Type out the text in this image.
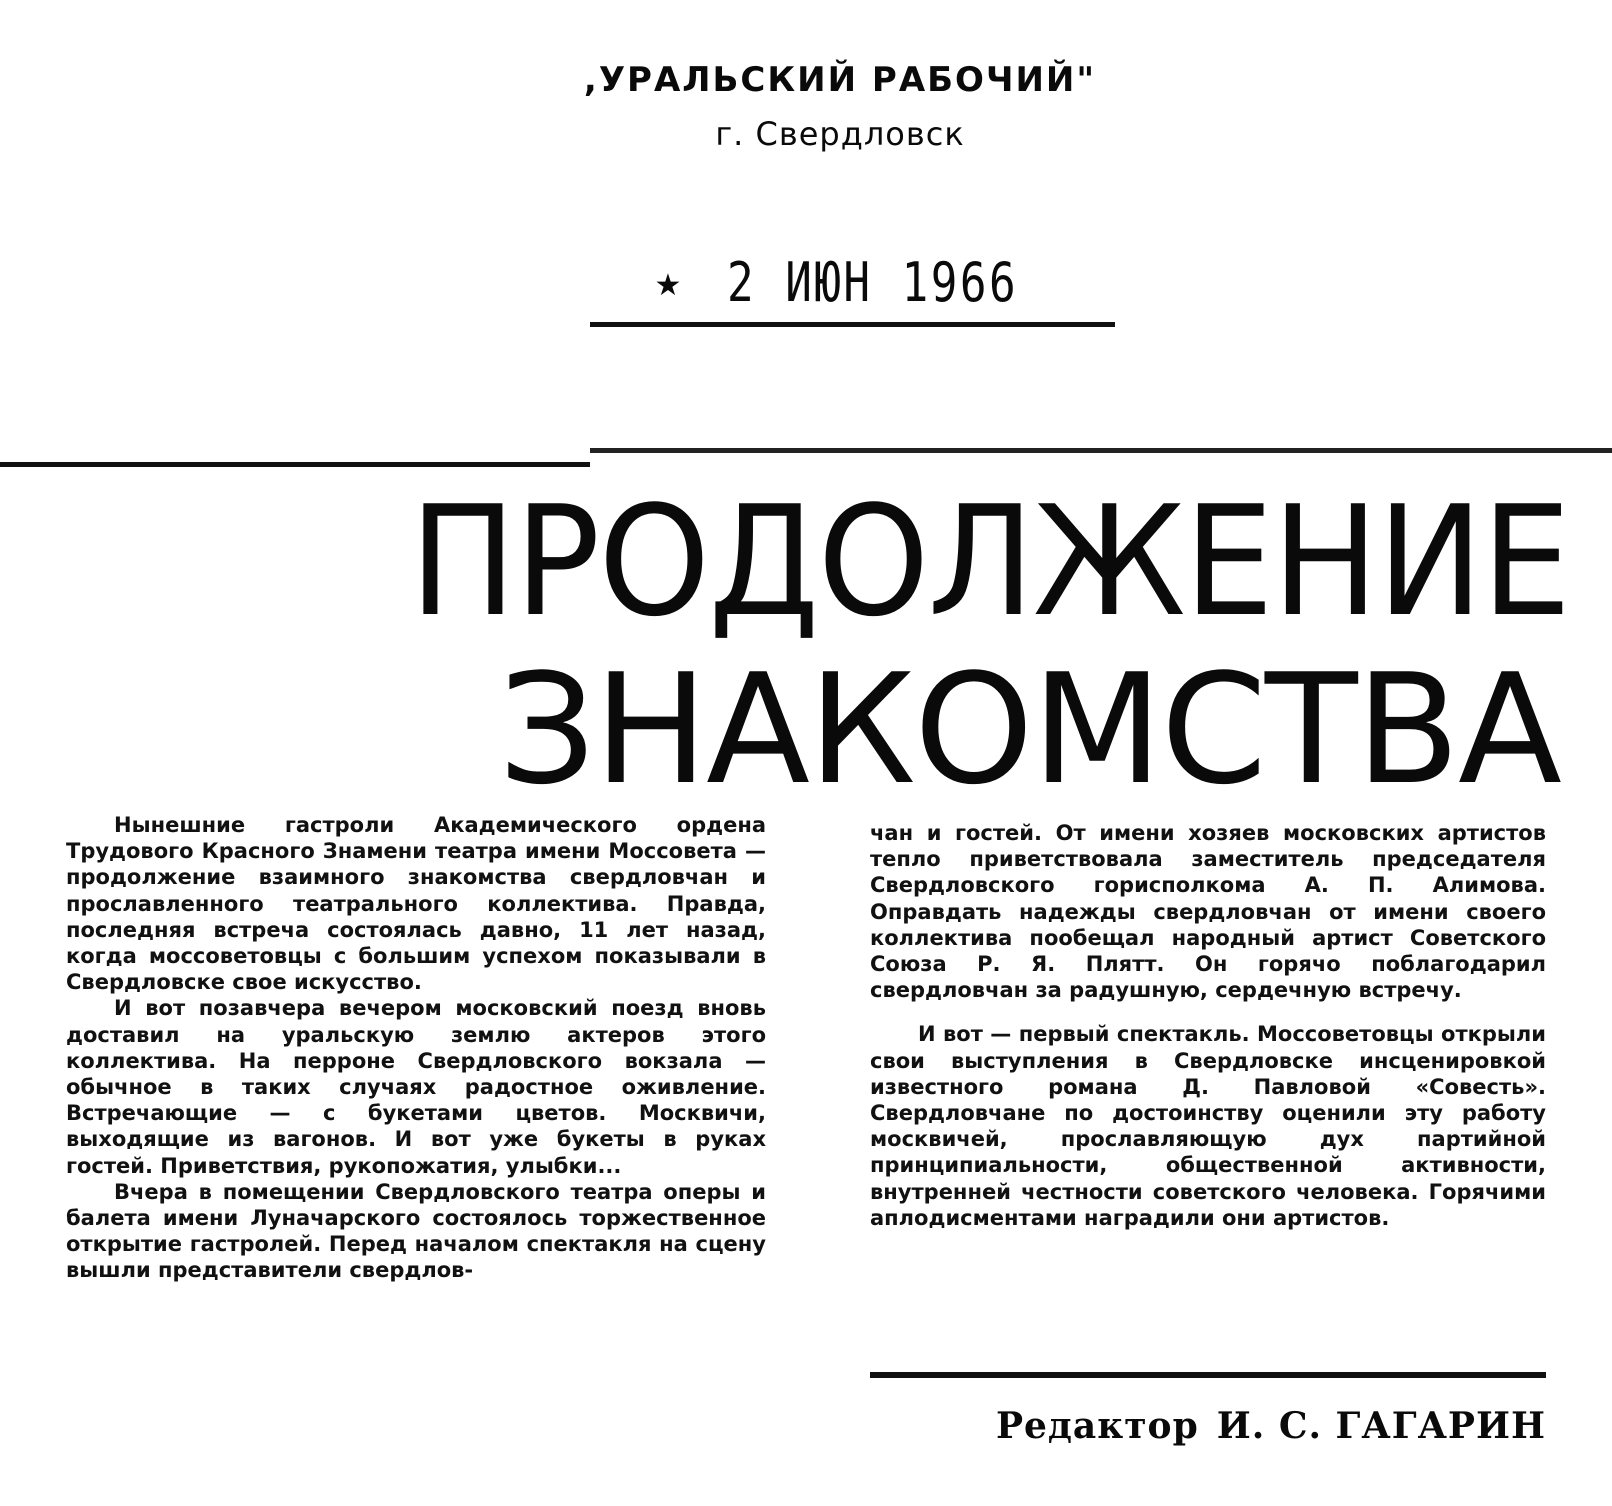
,УРАЛЬСКИЙ РАБОЧИЙ"
г. Свердловск
★ 2 ИЮН 1966
ПРОДОЛЖЕНИЕ
ЗНАКОМСТВА

Нынешние гастроли Академического ордена Трудового Красного Знамени театра имени Моссовета — продолжение взаимного знакомства свердловчан и прославленного театрального коллектива. Правда, последняя встреча состоялась давно, 11 лет назад, когда моссоветовцы с большим успехом показывали в Свердловске свое искусство.

И вот позавчера вечером московский поезд вновь доставил на уральскую землю актеров этого коллектива. На перроне Свердловского вокзала — обычное в таких случаях радостное оживление. Встречающие — с букетами цветов. Москвичи, выходящие из вагонов. И вот уже букеты в руках гостей. Приветствия, рукопожатия, улыбки...

Вчера в помещении Свердловского театра оперы и балета имени Луначарского состоялось торжественное открытие гастролей. Перед началом спектакля на сцену вышли представители свердлов-

чан и гостей. От имени хозяев московских артистов тепло приветствовала заместитель председателя Свердловского горисполкома А. П. Алимова. Оправдать надежды свердловчан от имени своего коллектива пообещал народный артист Советского Союза Р. Я. Плятт. Он горячо поблагодарил свердловчан за радушную, сердечную встречу.

И вот — первый спектакль. Моссоветовцы открыли свои выступления в Свердловске инсценировкой известного романа Д. Павловой «Совесть». Свердловчане по достоинству оценили эту работу москвичей, прославляющую дух партийной принципиальности, общественной активности, внутренней честности советского человека. Горячими аплодисментами наградили они артистов.

Редактор И. С. ГАГАРИН
